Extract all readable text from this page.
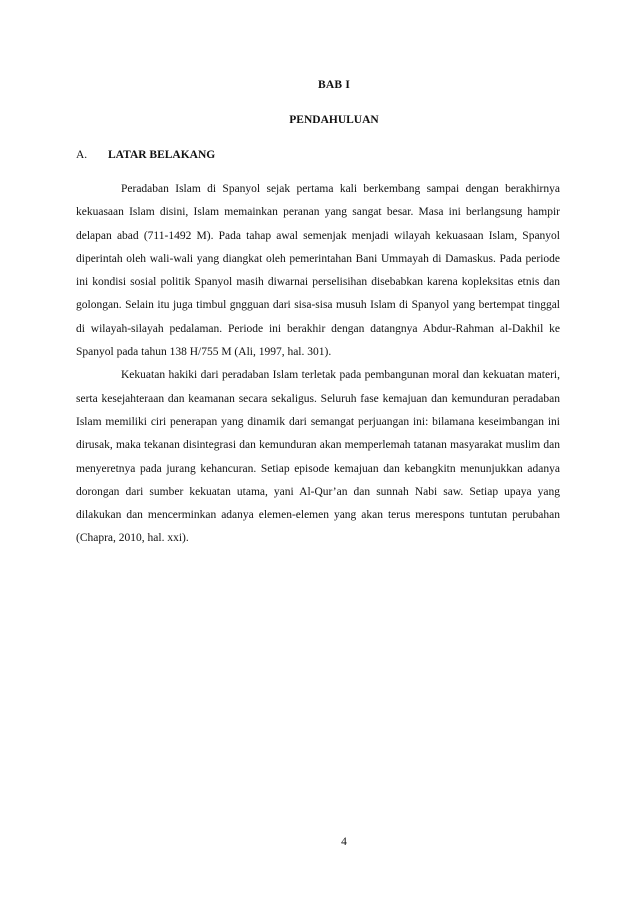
BAB I
PENDAHULUAN
A. LATAR BELAKANG

Peradaban Islam di Spanyol sejak pertama kali berkembang sampai dengan berakhirnya kekuasaan Islam disini, Islam memainkan peranan yang sangat besar. Masa ini berlangsung hampir delapan abad (711-1492 M). Pada tahap awal semenjak menjadi wilayah kekuasaan Islam, Spanyol diperintah oleh wali-wali yang diangkat oleh pemerintahan Bani Ummayah di Damaskus. Pada periode ini kondisi sosial politik Spanyol masih diwarnai perselisihan disebabkan karena kopleksitas etnis dan golongan. Selain itu juga timbul gngguan dari sisa-sisa musuh Islam di Spanyol yang bertempat tinggal di wilayah-silayah pedalaman. Periode ini berakhir dengan datangnya Abdur-Rahman al-Dakhil ke Spanyol pada tahun 138 H/755 M (Ali, 1997, hal. 301).

Kekuatan hakiki dari peradaban Islam terletak pada pembangunan moral dan kekuatan materi, serta kesejahteraan dan keamanan secara sekaligus. Seluruh fase kemajuan dan kemunduran peradaban Islam memiliki ciri penerapan yang dinamik dari semangat perjuangan ini: bilamana keseimbangan ini dirusak, maka tekanan disintegrasi dan kemunduran akan memperlemah tatanan masyarakat muslim dan menyeretnya pada jurang kehancuran. Setiap episode kemajuan dan kebangkitn menunjukkan adanya dorongan dari sumber kekuatan utama, yani Al-Qur’an dan sunnah Nabi saw. Setiap upaya yang dilakukan dan mencerminkan adanya elemen-elemen yang akan terus merespons tuntutan perubahan (Chapra, 2010, hal. xxi).

4
